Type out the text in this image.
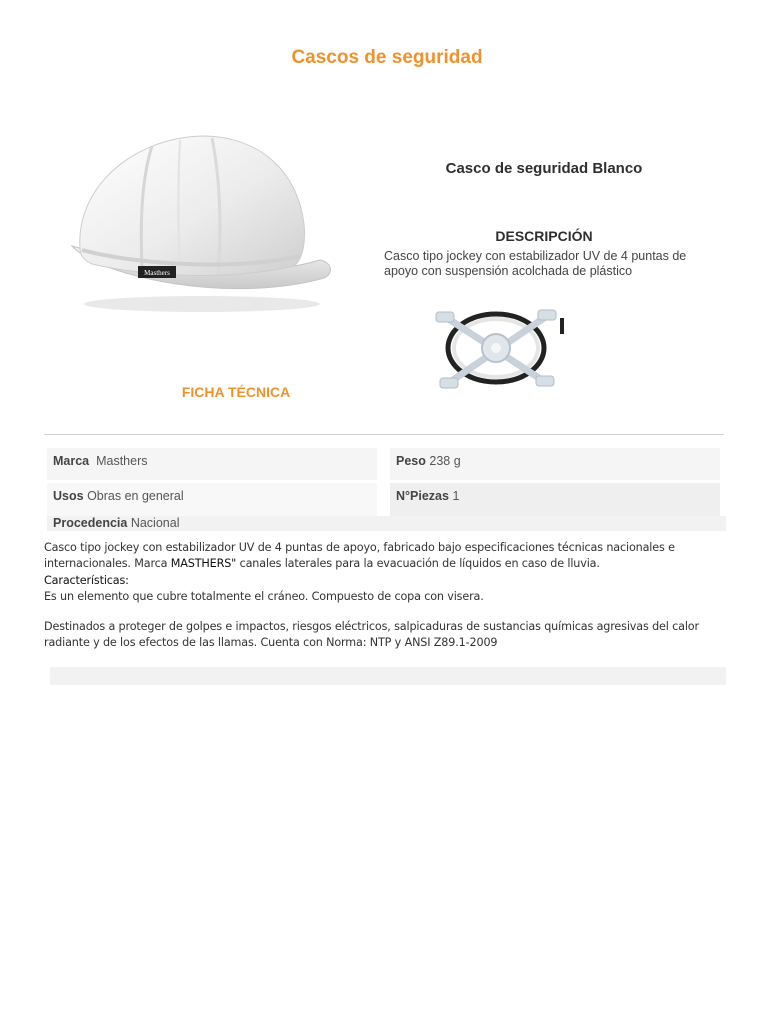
Cascos de seguridad
Masthers
Casco de seguridad Blanco
DESCRIPCIÓN
Casco tipo jockey con estabilizador UV de 4 puntas de apoyo con suspensión acolchada de plástico
FICHA TÉCNICA
Marca Masthers	Peso 238 g
Usos Obras en general	N°Piezas 1
Procedencia Nacional

Casco tipo jockey con estabilizador UV de 4 puntas de apoyo, fabricado bajo especificaciones técnicas nacionales e

internacionales. Marca MASTHERS" canales laterales para la evacuación de líquidos en caso de lluvia.

Características:

Es un elemento que cubre totalmente el cráneo. Compuesto de copa con visera.

Destinados a proteger de golpes e impactos, riesgos eléctricos, salpicaduras de sustancias químicas agresivas del calor

radiante y de los efectos de las llamas. Cuenta con Norma: NTP y ANSI Z89.1-2009
